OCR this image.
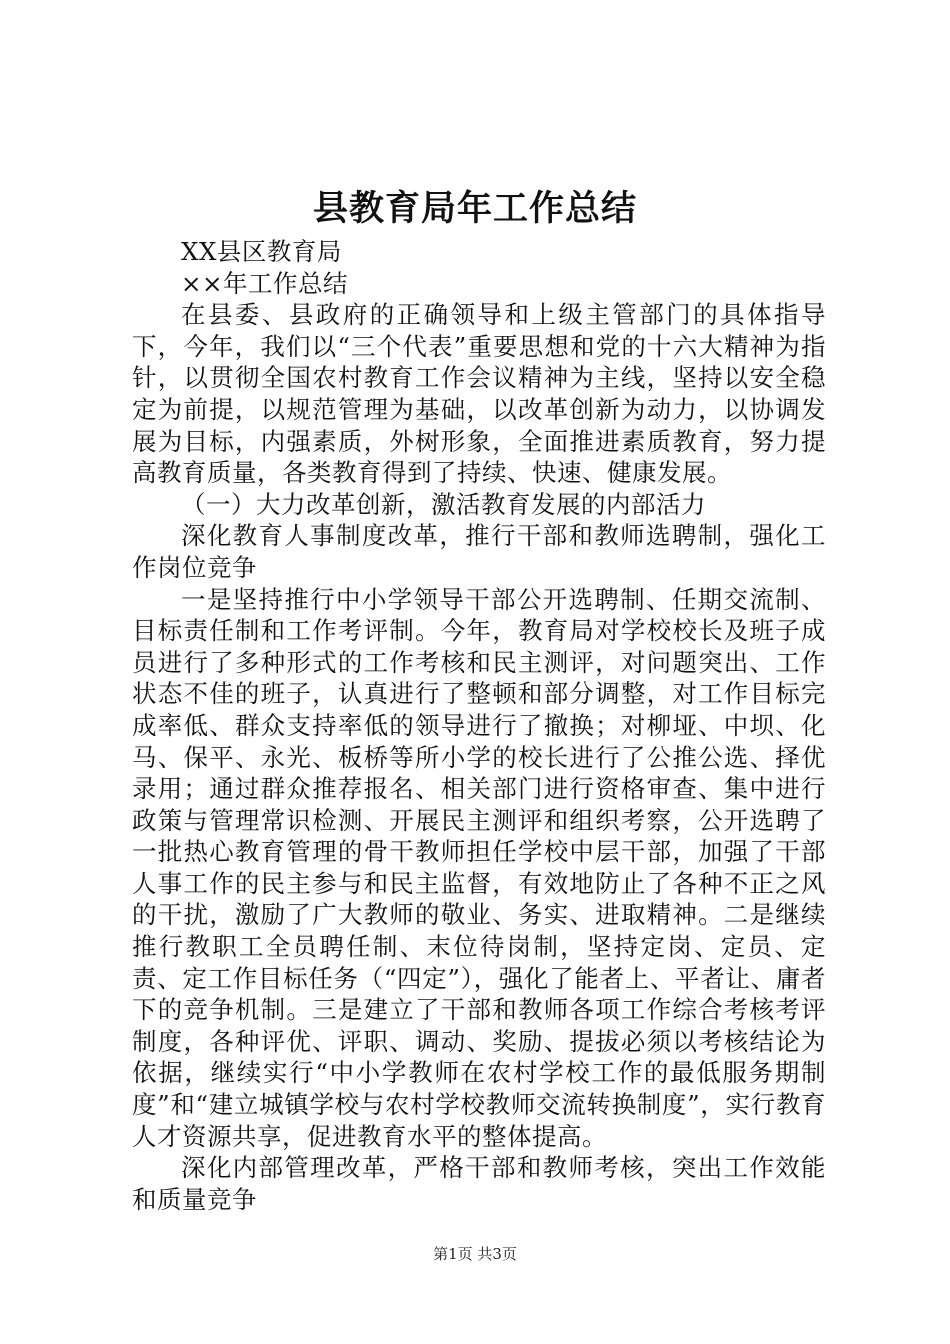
县教育局年工作总结

XX县区教育局

××年工作总结

在县委、县政府的正确领导和上级主管部门的具体指导下，今年，我们以“三个代表”重要思想和党的十六大精神为指针，以贯彻全国农村教育工作会议精神为主线，坚持以安全稳定为前提，以规范管理为基础，以改革创新为动力，以协调发展为目标，内强素质，外树形象，全面推进素质教育，努力提高教育质量，各类教育得到了持续、快速、健康发展。

（一）大力改革创新，激活教育发展的内部活力

深化教育人事制度改革，推行干部和教师选聘制，强化工作岗位竞争

一是坚持推行中小学领导干部公开选聘制、任期交流制、目标责任制和工作考评制。今年，教育局对学校校长及班子成员进行了多种形式的工作考核和民主测评，对问题突出、工作状态不佳的班子，认真进行了整顿和部分调整，对工作目标完成率低、群众支持率低的领导进行了撤换；对柳垭、中坝、化马、保平、永光、板桥等所小学的校长进行了公推公选、择优录用；通过群众推荐报名、相关部门进行资格审查、集中进行政策与管理常识检测、开展民主测评和组织考察，公开选聘了一批热心教育管理的骨干教师担任学校中层干部，加强了干部人事工作的民主参与和民主监督，有效地防止了各种不正之风的干扰，激励了广大教师的敬业、务实、进取精神。二是继续推行教职工全员聘任制、末位待岗制，坚持定岗、定员、定责、定工作目标任务（“四定”），强化了能者上、平者让、庸者下的竞争机制。三是建立了干部和教师各项工作综合考核考评制度，各种评优、评职、调动、奖励、提拔必须以考核结论为依据，继续实行“中小学教师在农村学校工作的最低服务期制度”和“建立城镇学校与农村学校教师交流转换制度”，实行教育人才资源共享，促进教育水平的整体提高。

深化内部管理改革，严格干部和教师考核，突出工作效能和质量竞争

第1页 共3页
